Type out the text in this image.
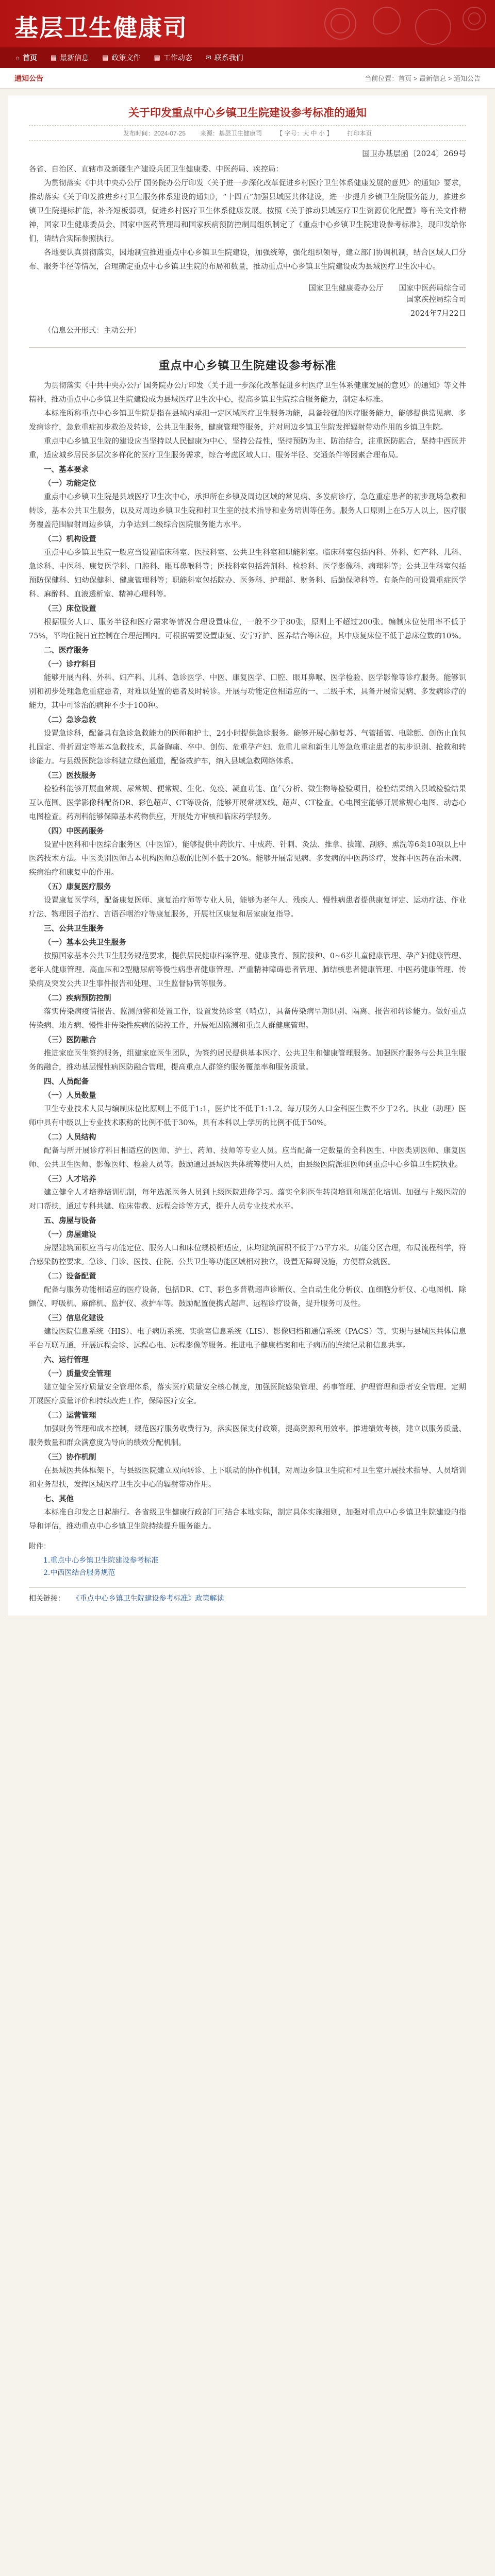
基层卫生健康司
⌂ 首页 ▤ 最新信息 ▤ 政策文件 ▤ 工作动态 ✉ 联系我们
通知公告	当前位置：首页 > 最新信息 > 通知公告
关于印发重点中心乡镇卫生院建设参考标准的通知
发布时间：2024-07-25 来源：基层卫生健康司 【 字号：大 中 小 】 打印本页
国卫办基层函〔2024〕269号

各省、自治区、直辖市及新疆生产建设兵团卫生健康委、中医药局、疾控局：

为贯彻落实《中共中央办公厅 国务院办公厅印发〈关于进一步深化改革促进乡村医疗卫生体系健康发展的意见〉的通知》要求，推动落实《关于印发推进乡村卫生服务体系建设的通知》，“十四五”加强县域医共体建设，进一步提升乡镇卫生院服务能力，推进乡镇卫生院提标扩能，补齐短板弱项，促进乡村医疗卫生体系健康发展。按照《关于推动县域医疗卫生资源优化配置》等有关文件精神，国家卫生健康委员会、国家中医药管理局和国家疾病预防控制局组织制定了《重点中心乡镇卫生院建设参考标准》，现印发给你们，请结合实际参照执行。

各地要认真贯彻落实，因地制宜推进重点中心乡镇卫生院建设，加强统筹，强化组织领导，建立部门协调机制，结合区域人口分布、服务半径等情况，合理确定重点中心乡镇卫生院的布局和数量，推动重点中心乡镇卫生院建设成为县域医疗卫生次中心。

国家卫生健康委办公厅 国家中医药局综合司
国家疾控局综合司
2024年7月22日
（信息公开形式：主动公开）
重点中心乡镇卫生院建设参考标准

为贯彻落实《中共中央办公厅 国务院办公厅印发〈关于进一步深化改革促进乡村医疗卫生体系健康发展的意见〉的通知》等文件精神，推动重点中心乡镇卫生院建设成为县域医疗卫生次中心，提高乡镇卫生院综合服务能力，制定本标准。

本标准所称重点中心乡镇卫生院是指在县域内承担一定区域医疗卫生服务功能，具备较强的医疗服务能力，能够提供常见病、多发病诊疗，急危重症初步救治及转诊，公共卫生服务，健康管理等服务，并对周边乡镇卫生院发挥辐射带动作用的乡镇卫生院。

重点中心乡镇卫生院的建设应当坚持以人民健康为中心，坚持公益性，坚持预防为主、防治结合，注重医防融合，坚持中西医并重，适应城乡居民多层次多样化的医疗卫生服务需求，综合考虑区域人口、服务半径、交通条件等因素合理布局。

一、基本要求
（一）功能定位

重点中心乡镇卫生院是县域医疗卫生次中心，承担所在乡镇及周边区域的常见病、多发病诊疗，急危重症患者的初步现场急救和转诊，基本公共卫生服务，以及对周边乡镇卫生院和村卫生室的技术指导和业务培训等任务。服务人口原则上在5万人以上，医疗服务覆盖范围辐射周边乡镇，力争达到二级综合医院服务能力水平。

（二）机构设置

重点中心乡镇卫生院一般应当设置临床科室、医技科室、公共卫生科室和职能科室。临床科室包括内科、外科、妇产科、儿科、急诊科、中医科、康复医学科、口腔科、眼耳鼻喉科等；医技科室包括药剂科、检验科、医学影像科、病理科等；公共卫生科室包括预防保健科、妇幼保健科、健康管理科等；职能科室包括院办、医务科、护理部、财务科、后勤保障科等。有条件的可设置重症医学科、麻醉科、血液透析室、精神心理科等。

（三）床位设置

根据服务人口、服务半径和医疗需求等情况合理设置床位，一般不少于80张，原则上不超过200张。编制床位使用率不低于75%，平均住院日宜控制在合理范围内。可根据需要设置康复、安宁疗护、医养结合等床位，其中康复床位不低于总床位数的10%。

二、医疗服务
（一）诊疗科目

能够开展内科、外科、妇产科、儿科、急诊医学、中医、康复医学、口腔、眼耳鼻喉、医学检验、医学影像等诊疗服务。能够识别和初步处理急危重症患者，对难以处置的患者及时转诊。开展与功能定位相适应的一、二级手术，具备开展常见病、多发病诊疗的能力，其中可诊治的病种不少于100种。

（二）急诊急救

设置急诊科，配备具有急诊急救能力的医师和护士，24小时提供急诊服务。能够开展心肺复苏、气管插管、电除颤、创伤止血包扎固定、骨折固定等基本急救技术，具备胸痛、卒中、创伤、危重孕产妇、危重儿童和新生儿等急危重症患者的初步识别、抢救和转诊能力。与县级医院急诊科建立绿色通道，配备救护车，纳入县域急救网络体系。

（三）医技服务

检验科能够开展血常规、尿常规、便常规、生化、免疫、凝血功能、血气分析、微生物等检验项目，检验结果纳入县域检验结果互认范围。医学影像科配备DR、彩色超声、CT等设备，能够开展常规X线、超声、CT检查。心电图室能够开展常规心电图、动态心电图检查。药剂科能够保障基本药物供应，开展处方审核和临床药学服务。

（四）中医药服务

设置中医科和中医综合服务区（中医馆），能够提供中药饮片、中成药、针刺、灸法、推拿、拔罐、刮痧、熏洗等6类10项以上中医药技术方法。中医类别医师占本机构医师总数的比例不低于20%。能够开展常见病、多发病的中医药诊疗，发挥中医药在治未病、疾病治疗和康复中的作用。

（五）康复医疗服务

设置康复医学科，配备康复医师、康复治疗师等专业人员，能够为老年人、残疾人、慢性病患者提供康复评定、运动疗法、作业疗法、物理因子治疗、言语吞咽治疗等康复服务，开展社区康复和居家康复指导。

三、公共卫生服务
（一）基本公共卫生服务

按照国家基本公共卫生服务规范要求，提供居民健康档案管理、健康教育、预防接种、0~6岁儿童健康管理、孕产妇健康管理、老年人健康管理、高血压和2型糖尿病等慢性病患者健康管理、严重精神障碍患者管理、肺结核患者健康管理、中医药健康管理、传染病及突发公共卫生事件报告和处理、卫生监督协管等服务。

（二）疾病预防控制

落实传染病疫情报告、监测预警和处置工作，设置发热诊室（哨点），具备传染病早期识别、隔离、报告和转诊能力。做好重点传染病、地方病、慢性非传染性疾病的防控工作，开展死因监测和重点人群健康管理。

（三）医防融合

推进家庭医生签约服务，组建家庭医生团队，为签约居民提供基本医疗、公共卫生和健康管理服务。加强医疗服务与公共卫生服务的融合，推动基层慢性病医防融合管理，提高重点人群签约服务覆盖率和服务质量。

四、人员配备
（一）人员数量

卫生专业技术人员与编制床位比原则上不低于1:1，医护比不低于1:1.2。每万服务人口全科医生数不少于2名。执业（助理）医师中具有中级以上专业技术职称的比例不低于30%，具有本科以上学历的比例不低于50%。

（二）人员结构

配备与所开展诊疗科目相适应的医师、护士、药师、技师等专业人员。应当配备一定数量的全科医生、中医类别医师、康复医师、公共卫生医师、影像医师、检验人员等。鼓励通过县域医共体统筹使用人员，由县级医院派驻医师到重点中心乡镇卫生院执业。

（三）人才培养

建立健全人才培养培训机制，每年选派医务人员到上级医院进修学习。落实全科医生转岗培训和规范化培训。加强与上级医院的对口帮扶，通过专科共建、临床带教、远程会诊等方式，提升人员专业技术水平。

五、房屋与设备
（一）房屋建设

房屋建筑面积应当与功能定位、服务人口和床位规模相适应，床均建筑面积不低于75平方米。功能分区合理，布局流程科学，符合感染防控要求。急诊、门诊、医技、住院、公共卫生等功能区域相对独立，设置无障碍设施，方便群众就医。

（二）设备配置

配备与服务功能相适应的医疗设备，包括DR、CT、彩色多普勒超声诊断仪、全自动生化分析仪、血细胞分析仪、心电图机、除颤仪、呼吸机、麻醉机、监护仪、救护车等。鼓励配置便携式超声、远程诊疗设备，提升服务可及性。

（三）信息化建设

建设医院信息系统（HIS）、电子病历系统、实验室信息系统（LIS）、影像归档和通信系统（PACS）等，实现与县域医共体信息平台互联互通，开展远程会诊、远程心电、远程影像等服务。推进电子健康档案和电子病历的连续记录和信息共享。

六、运行管理
（一）质量安全管理

建立健全医疗质量安全管理体系，落实医疗质量安全核心制度，加强医院感染管理、药事管理、护理管理和患者安全管理。定期开展医疗质量评价和持续改进工作，保障医疗安全。

（二）运营管理

加强财务管理和成本控制，规范医疗服务收费行为，落实医保支付政策，提高资源利用效率。推进绩效考核，建立以服务质量、服务数量和群众满意度为导向的绩效分配机制。

（三）协作机制

在县域医共体框架下，与县级医院建立双向转诊、上下联动的协作机制，对周边乡镇卫生院和村卫生室开展技术指导、人员培训和业务帮扶，发挥区域医疗卫生次中心的辐射带动作用。

七、其他

本标准自印发之日起施行。各省级卫生健康行政部门可结合本地实际，制定具体实施细则，加强对重点中心乡镇卫生院建设的指导和评估，推动重点中心乡镇卫生院持续提升服务能力。

附件：
1.重点中心乡镇卫生院建设参考标准
2.中西医结合服务规范
相关链接： 《重点中心乡镇卫生院建设参考标准》政策解读
